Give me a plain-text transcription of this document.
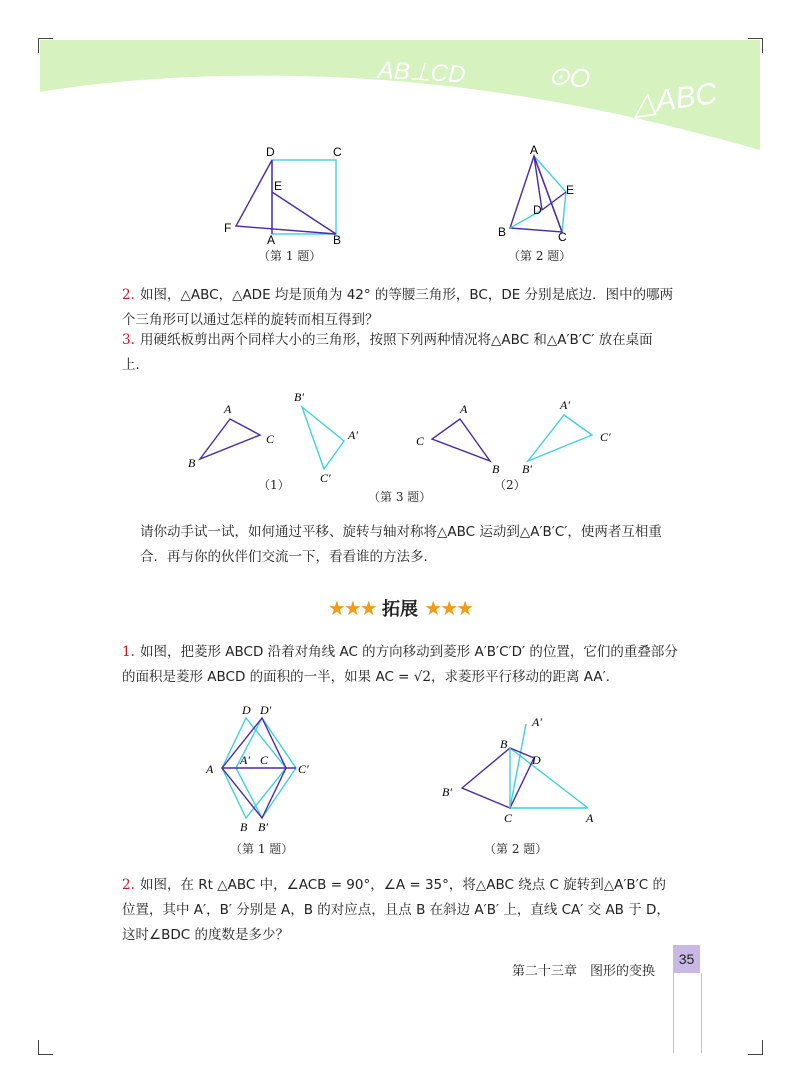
AB⊥CD	⊙O
△ABC
D	C
E
F
A	B
（第 1 题）
A
E
D
B	C
（第 2 题）
2. 如图，△ABC，△ADE 均是顶角为 42° 的等腰三角形，BC，DE 分别是底边．图中的哪两个三角形可以通过怎样的旋转而相互得到？
3. 用硬纸板剪出两个同样大小的三角形，按照下列两种情况将△ABC 和△A′B′C′ 放在桌面上．
A
C
B
B′
A′
C′
A
C
B
A′
C′
B′
（1）
（第 3 题）
（2）
请你动手试一试，如何通过平移、旋转与轴对称将△ABC 运动到△A′B′C′，使两者互相重合．再与你的伙伴们交流一下，看看谁的方法多．
★★★ 拓展 ★★★
1. 如图，把菱形 ABCD 沿着对角线 AC 的方向移动到菱形 A′B′C′D′ 的位置，它们的重叠部分的面积是菱形 ABCD 的面积的一半，如果 AC = √2，求菱形平行移动的距离 AA′.
D D′
A
A′ C
C′
B B′
（第 1 题）
A′
B
D
B′
C	A
（第 2 题）
2. 如图，在 Rt △ABC 中，∠ACB = 90°，∠A = 35°，将△ABC 绕点 C 旋转到△A′B′C 的位置，其中 A′，B′ 分别是 A，B 的对应点，且点 B 在斜边 A′B′ 上，直线 CA′ 交 AB 于 D，这时∠BDC 的度数是多少？
第二十三章　图形的变换
35
